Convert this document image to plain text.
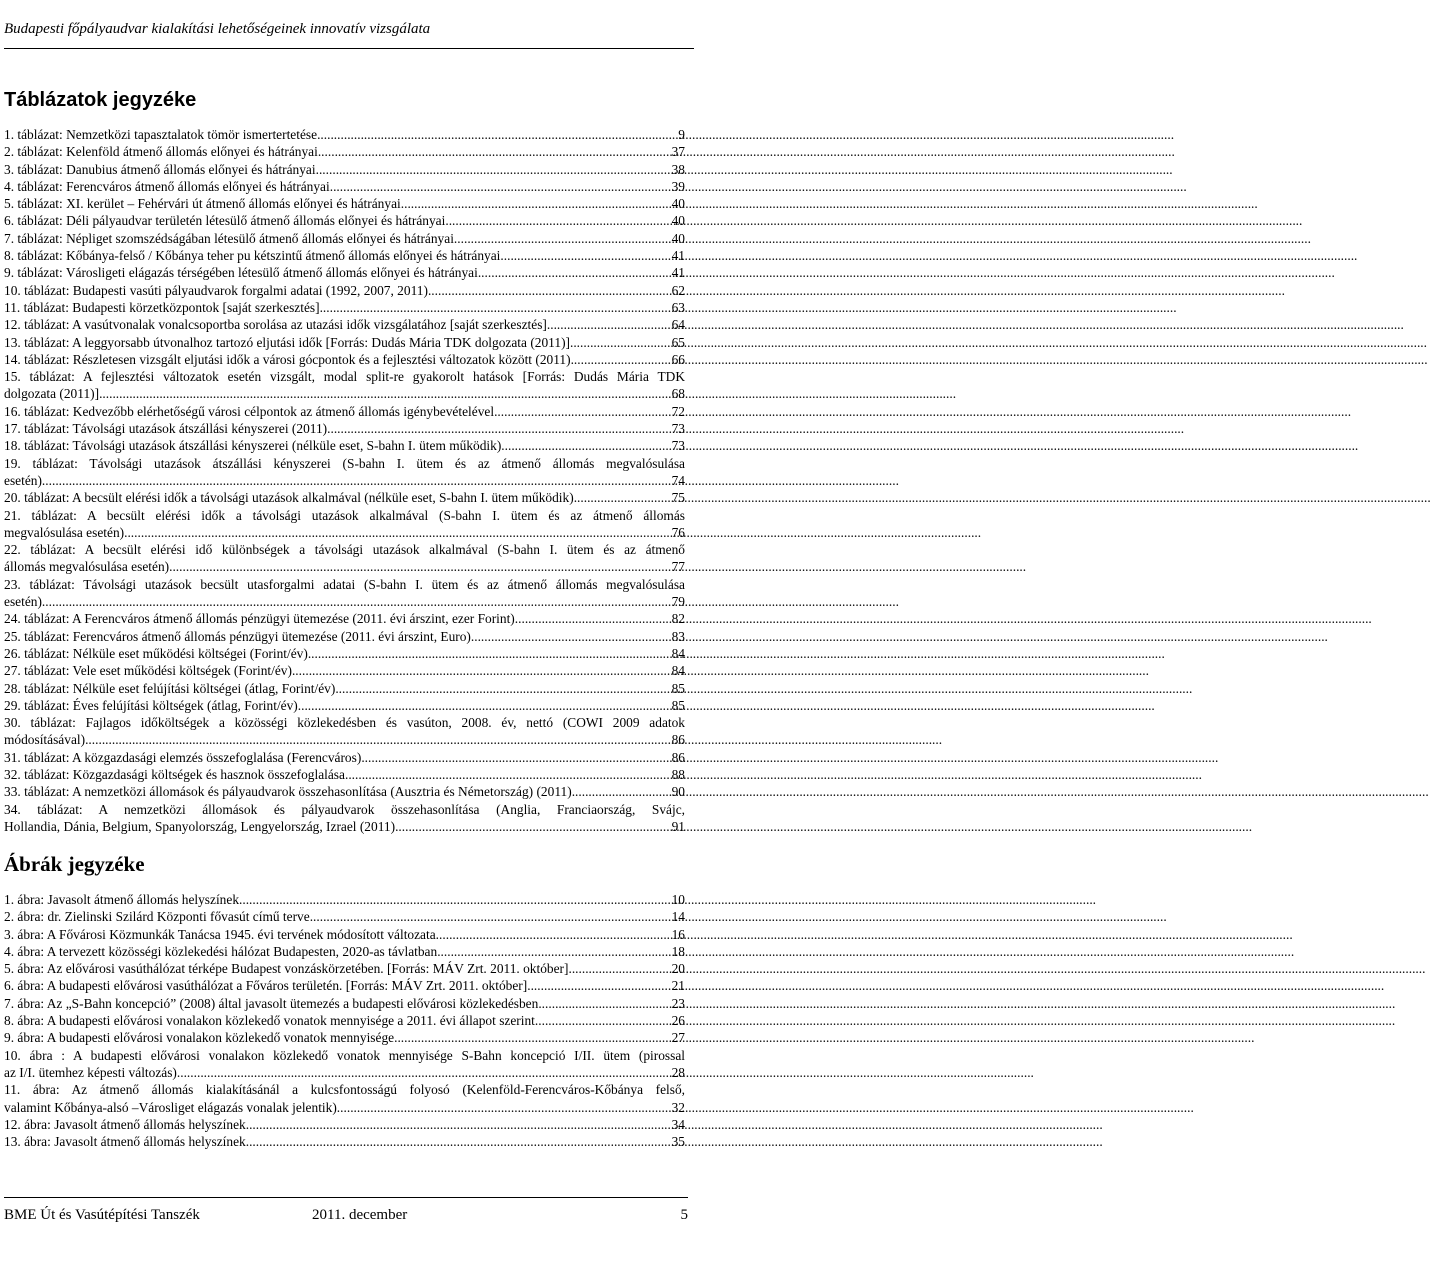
Budapesti főpályaudvar kialakítási lehetőségeinek innovatív vizsgálata
Táblázatok jegyzéke
1. táblázat: Nemzetközi tapasztalatok tömör ismertertetése .....	9
2. táblázat: Kelenföld átmenő állomás előnyei és hátrányai .....	37
3. táblázat: Danubius átmenő állomás előnyei és hátrányai .....	38
4. táblázat: Ferencváros átmenő állomás előnyei és hátrányai .....	39
5. táblázat: XI. kerület – Fehérvári út átmenő állomás előnyei és hátrányai .....	40
6. táblázat: Déli pályaudvar területén létesülő átmenő állomás előnyei és hátrányai .....	40
7. táblázat: Népliget szomszédságában létesülő átmenő állomás előnyei és hátrányai .....	40
8. táblázat: Kőbánya-felső / Kőbánya teher pu kétszintű átmenő állomás előnyei és hátrányai .....	41
9. táblázat: Városligeti elágazás térségében létesülő átmenő állomás előnyei és hátrányai .....	41
10. táblázat: Budapesti vasúti pályaudvarok forgalmi adatai (1992, 2007, 2011) .....	62
11. táblázat: Budapesti körzetközpontok [saját szerkesztés] .....	63
12. táblázat: A vasútvonalak vonalcsoportba sorolása az utazási idők vizsgálatához [saját szerkesztés] .....	64
13. táblázat: A leggyorsabb útvonalhoz tartozó eljutási idők [Forrás: Dudás Mária TDK dolgozata (2011)] .....	65
14. táblázat: Részletesen vizsgált eljutási idők a városi gócpontok és a fejlesztési változatok között (2011) .....	66
15. táblázat: A fejlesztési változatok esetén vizsgált, modal split-re gyakorolt hatások [Forrás: Dudás Mária TDK
dolgozata (2011)] .....	68
16. táblázat: Kedvezőbb elérhetőségű városi célpontok az átmenő állomás igénybevételével .....	72
17. táblázat: Távolsági utazások átszállási kényszerei (2011) .....	73
18. táblázat: Távolsági utazások átszállási kényszerei (nélküle eset, S-bahn I. ütem működik) .....	73
19. táblázat: Távolsági utazások átszállási kényszerei (S-bahn I. ütem és az átmenő állomás megvalósulása
esetén) .....	74
20. táblázat: A becsült elérési idők a távolsági utazások alkalmával (nélküle eset, S-bahn I. ütem működik) .....	75
21. táblázat: A becsült elérési idők a távolsági utazások alkalmával (S-bahn I. ütem és az átmenő állomás
megvalósulása esetén) .....	76
22. táblázat: A becsült elérési idő különbségek a távolsági utazások alkalmával (S-bahn I. ütem és az átmenő
állomás megvalósulása esetén) .....	77
23. táblázat: Távolsági utazások becsült utasforgalmi adatai (S-bahn I. ütem és az átmenő állomás megvalósulása
esetén) .....	79
24. táblázat: A Ferencváros átmenő állomás pénzügyi ütemezése (2011. évi árszint, ezer Forint) .....	82
25. táblázat: Ferencváros átmenő állomás pénzügyi ütemezése (2011. évi árszint, Euro) .....	83
26. táblázat: Nélküle eset működési költségei (Forint/év) .....	84
27. táblázat: Vele eset működési költségek (Forint/év) .....	84
28. táblázat: Nélküle eset felújítási költségei (átlag, Forint/év) .....	85
29. táblázat: Éves felújítási költségek (átlag, Forint/év) .....	85
30. táblázat: Fajlagos időköltségek a közösségi közlekedésben és vasúton, 2008. év, nettó (COWI 2009 adatok
módosításával) .....	86
31. táblázat: A közgazdasági elemzés összefoglalása (Ferencváros) .....	86
32. táblázat: Közgazdasági költségek és hasznok összefoglalása .....	88
33. táblázat: A nemzetközi állomások és pályaudvarok összehasonlítása (Ausztria és Németország) (2011) .....	90
34. táblázat: A nemzetközi állomások és pályaudvarok összehasonlítása (Anglia, Franciaország, Svájc,
Hollandia, Dánia, Belgium, Spanyolország, Lengyelország, Izrael (2011) .....	91
Ábrák jegyzéke
1. ábra: Javasolt átmenő állomás helyszínek .....	10
2. ábra: dr. Zielinski Szilárd Központi fővasút című terve .....	14
3. ábra: A Fővárosi Közmunkák Tanácsa 1945. évi tervének módosított változata .....	16
4. ábra: A tervezett közösségi közlekedési hálózat Budapesten, 2020-as távlatban .....	18
5. ábra: Az elővárosi vasúthálózat térképe Budapest vonzáskörzetében. [Forrás: MÁV Zrt. 2011. október] .....	20
6. ábra: A budapesti elővárosi vasúthálózat a Főváros területén. [Forrás: MÁV Zrt. 2011. október] .....	21
7. ábra: Az „S-Bahn koncepció” (2008) által javasolt ütemezés a budapesti elővárosi közlekedésben .....	23
8. ábra: A budapesti elővárosi vonalakon közlekedő vonatok mennyisége a 2011. évi állapot szerint. .....	26
9. ábra: A budapesti elővárosi vonalakon közlekedő vonatok mennyisége. .....	27
10. ábra : A budapesti elővárosi vonalakon közlekedő vonatok mennyisége S-Bahn koncepció I/II. ütem (pirossal
az I/I. ütemhez képesti változás) .....	28
11. ábra: Az átmenő állomás kialakításánál a kulcsfontosságú folyosó (Kelenföld-Ferencváros-Kőbánya felső,
valamint Kőbánya-alsó –Városliget elágazás vonalak jelentik) .....	32
12. ábra: Javasolt átmenő állomás helyszínek .....	34
13. ábra: Javasolt átmenő állomás helyszínek .....	35
BME Út és Vasútépítési Tanszék	2011. december	5
